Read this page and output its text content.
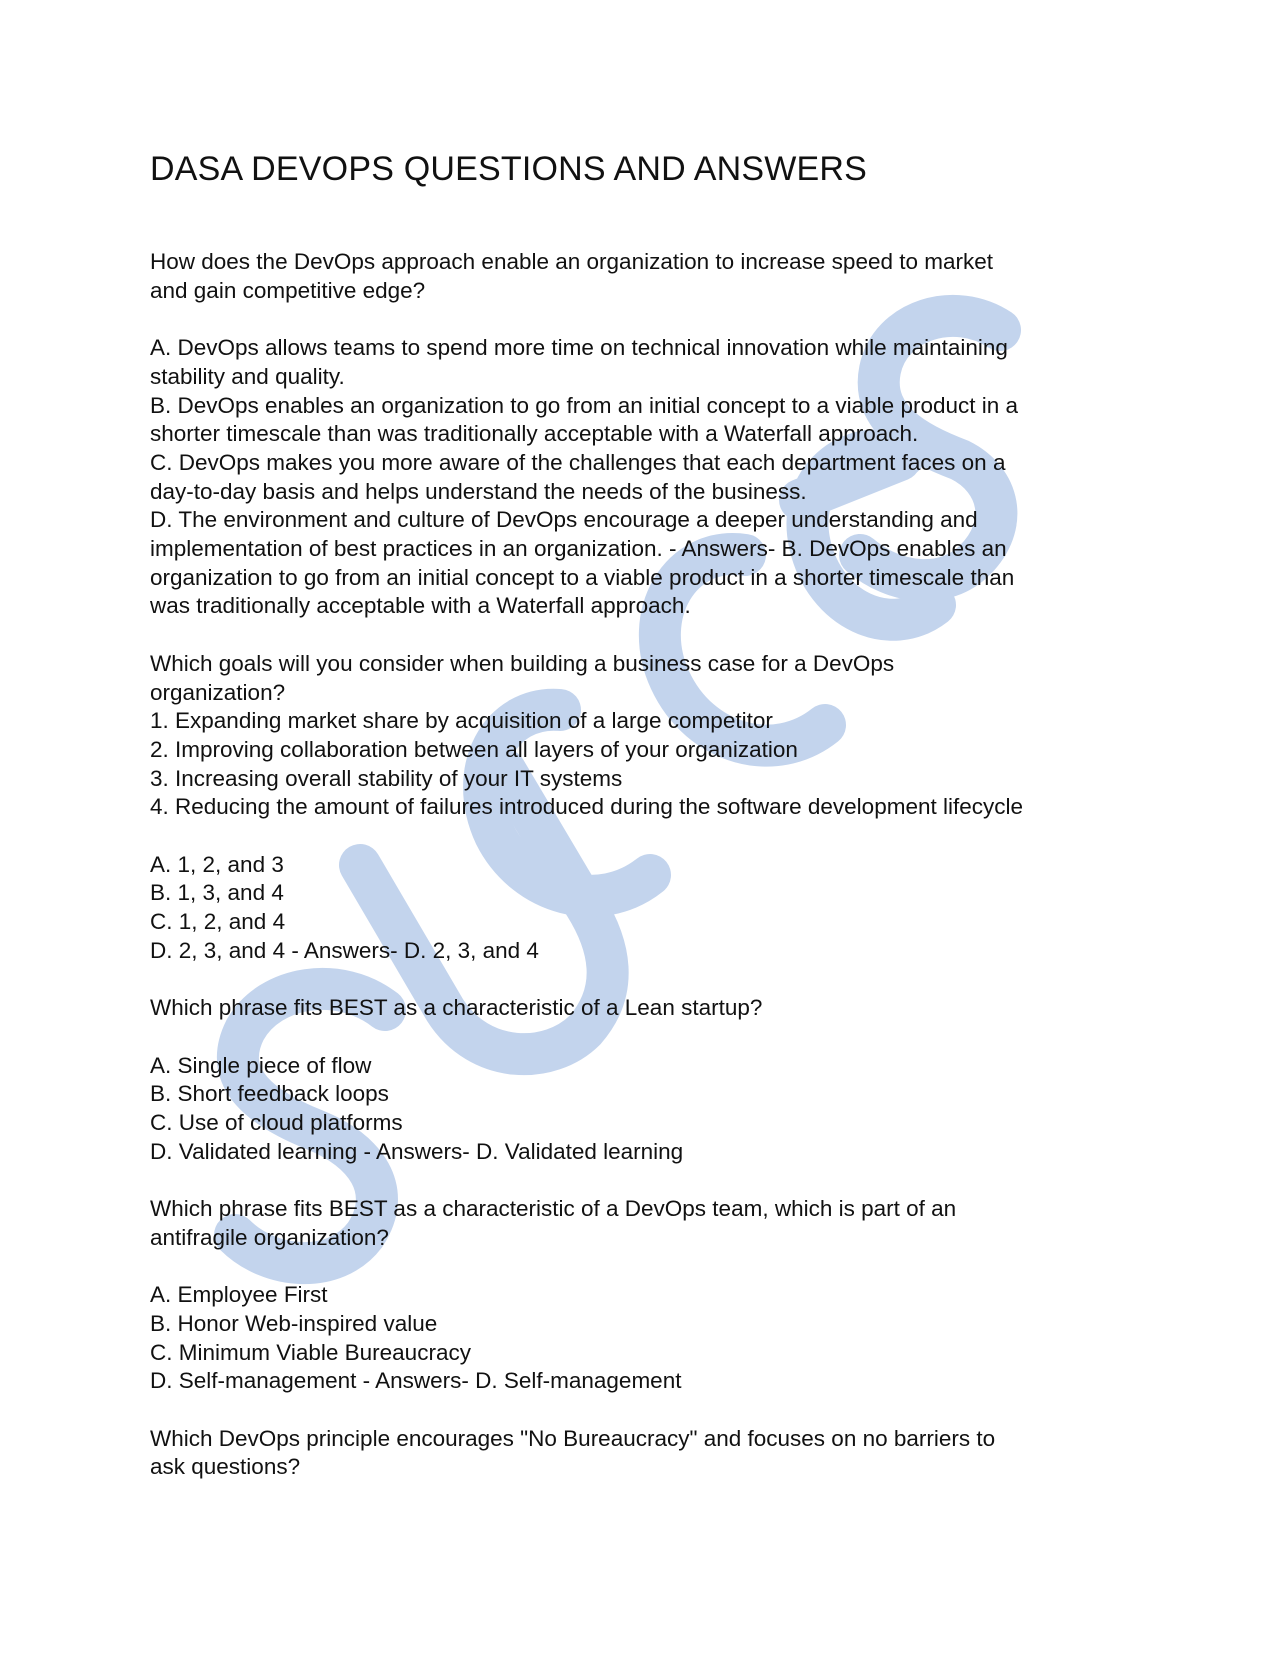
DASA DEVOPS QUESTIONS AND ANSWERS

How does the DevOps approach enable an organization to increase speed to market

and gain competitive edge?

A. DevOps allows teams to spend more time on technical innovation while maintaining

stability and quality.

B. DevOps enables an organization to go from an initial concept to a viable product in a

shorter timescale than was traditionally acceptable with a Waterfall approach.

C. DevOps makes you more aware of the challenges that each department faces on a

day-to-day basis and helps understand the needs of the business.

D. The environment and culture of DevOps encourage a deeper understanding and

implementation of best practices in an organization. - Answers- B. DevOps enables an

organization to go from an initial concept to a viable product in a shorter timescale than

was traditionally acceptable with a Waterfall approach.

Which goals will you consider when building a business case for a DevOps

organization?

1. Expanding market share by acquisition of a large competitor

2. Improving collaboration between all layers of your organization

3. Increasing overall stability of your IT systems

4. Reducing the amount of failures introduced during the software development lifecycle

A. 1, 2, and 3

B. 1, 3, and 4

C. 1, 2, and 4

D. 2, 3, and 4 - Answers- D. 2, 3, and 4

Which phrase fits BEST as a characteristic of a Lean startup?

A. Single piece of flow

B. Short feedback loops

C. Use of cloud platforms

D. Validated learning - Answers- D. Validated learning

Which phrase fits BEST as a characteristic of a DevOps team, which is part of an

antifragile organization?

A. Employee First

B. Honor Web-inspired value

C. Minimum Viable Bureaucracy

D. Self-management - Answers- D. Self-management

Which DevOps principle encourages "No Bureaucracy" and focuses on no barriers to

ask questions?
